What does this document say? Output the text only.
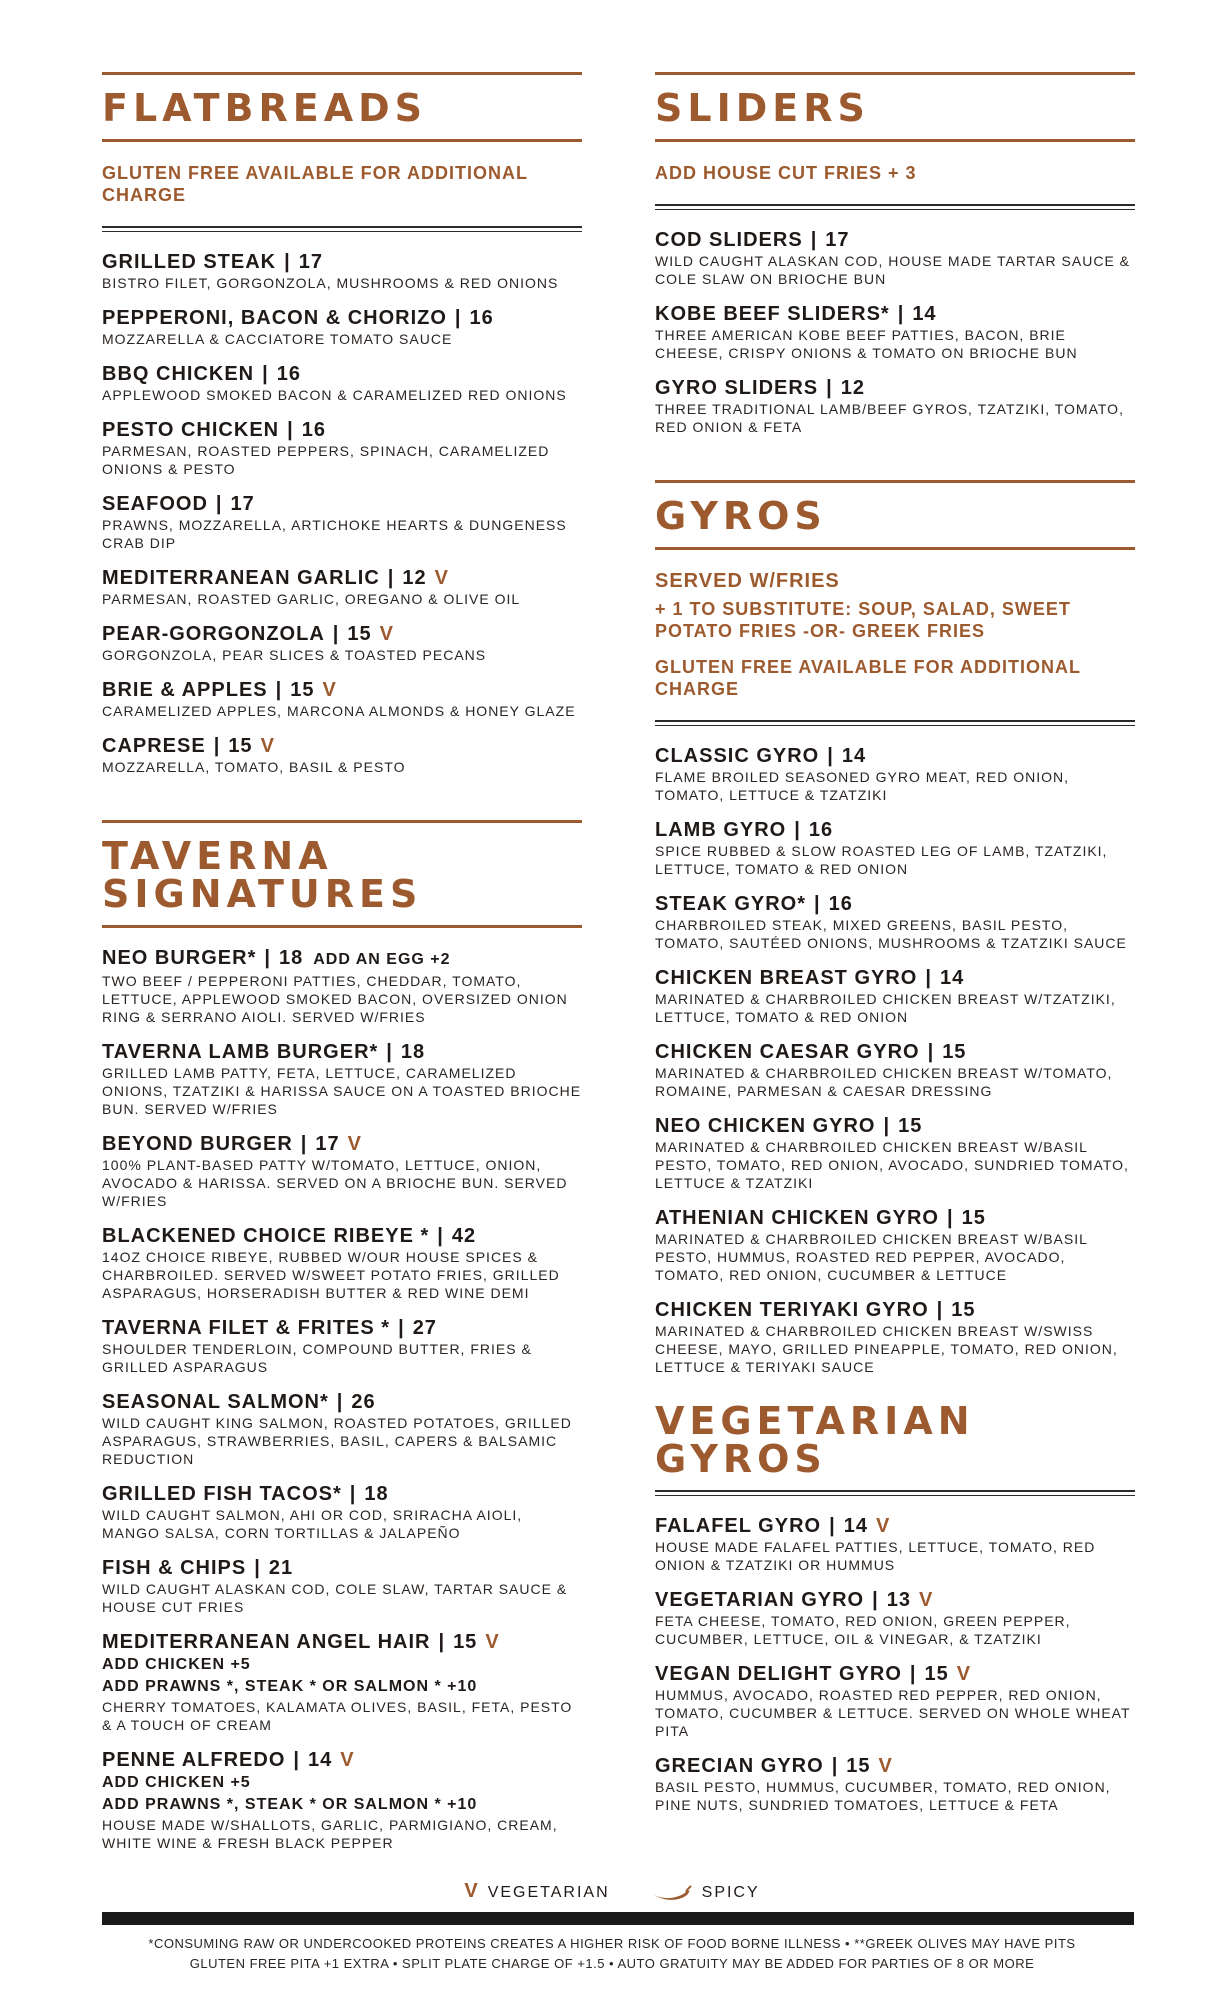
FLATBREADS
GLUTEN FREE AVAILABLE FOR ADDITIONAL CHARGE
GRILLED STEAK | 17
BISTRO FILET, GORGONZOLA, MUSHROOMS & RED ONIONS
PEPPERONI, BACON & CHORIZO | 16
MOZZARELLA & CACCIATORE TOMATO SAUCE
BBQ CHICKEN | 16
APPLEWOOD SMOKED BACON & CARAMELIZED RED ONIONS
PESTO CHICKEN | 16
PARMESAN, ROASTED PEPPERS, SPINACH, CARAMELIZED ONIONS & PESTO
SEAFOOD | 17
PRAWNS, MOZZARELLA, ARTICHOKE HEARTS & DUNGENESS CRAB DIP
MEDITERRANEAN GARLIC | 12 V
PARMESAN, ROASTED GARLIC, OREGANO & OLIVE OIL
PEAR-GORGONZOLA | 15 V
GORGONZOLA, PEAR SLICES & TOASTED PECANS
BRIE & APPLES | 15 V
CARAMELIZED APPLES, MARCONA ALMONDS & HONEY GLAZE
CAPRESE | 15 V
MOZZARELLA, TOMATO, BASIL & PESTO
TAVERNA SIGNATURES
NEO BURGER* | 18 ADD AN EGG +2
TWO BEEF / PEPPERONI PATTIES, CHEDDAR, TOMATO, LETTUCE, APPLEWOOD SMOKED BACON, OVERSIZED ONION RING & SERRANO AIOLI. SERVED W/FRIES
TAVERNA LAMB BURGER* | 18
GRILLED LAMB PATTY, FETA, LETTUCE, CARAMELIZED ONIONS, TZATZIKI & HARISSA SAUCE ON A TOASTED BRIOCHE BUN. SERVED W/FRIES
BEYOND BURGER | 17 V
100% PLANT-BASED PATTY W/TOMATO, LETTUCE, ONION, AVOCADO & HARISSA. SERVED ON A BRIOCHE BUN. SERVED W/FRIES
BLACKENED CHOICE RIBEYE * | 42
14OZ CHOICE RIBEYE, RUBBED W/OUR HOUSE SPICES & CHARBROILED. SERVED W/SWEET POTATO FRIES, GRILLED ASPARAGUS, HORSERADISH BUTTER & RED WINE DEMI
TAVERNA FILET & FRITES * | 27
SHOULDER TENDERLOIN, COMPOUND BUTTER, FRIES & GRILLED ASPARAGUS
SEASONAL SALMON* | 26
WILD CAUGHT KING SALMON, ROASTED POTATOES, GRILLED ASPARAGUS, STRAWBERRIES, BASIL, CAPERS & BALSAMIC REDUCTION
GRILLED FISH TACOS* | 18
WILD CAUGHT SALMON, AHI OR COD, SRIRACHA AIOLI, MANGO SALSA, CORN TORTILLAS & JALAPEÑO
FISH & CHIPS | 21
WILD CAUGHT ALASKAN COD, COLE SLAW, TARTAR SAUCE & HOUSE CUT FRIES
MEDITERRANEAN ANGEL HAIR | 15 V
ADD CHICKEN +5
ADD PRAWNS *, STEAK * OR SALMON * +10
CHERRY TOMATOES, KALAMATA OLIVES, BASIL, FETA, PESTO & A TOUCH OF CREAM
PENNE ALFREDO | 14 V
ADD CHICKEN +5
ADD PRAWNS *, STEAK * OR SALMON * +10
HOUSE MADE W/SHALLOTS, GARLIC, PARMIGIANO, CREAM, WHITE WINE & FRESH BLACK PEPPER
SLIDERS
ADD HOUSE CUT FRIES + 3
COD SLIDERS | 17
WILD CAUGHT ALASKAN COD, HOUSE MADE TARTAR SAUCE & COLE SLAW ON BRIOCHE BUN
KOBE BEEF SLIDERS* | 14
THREE AMERICAN KOBE BEEF PATTIES, BACON, BRIE CHEESE, CRISPY ONIONS & TOMATO ON BRIOCHE BUN
GYRO SLIDERS | 12
THREE TRADITIONAL LAMB/BEEF GYROS, TZATZIKI, TOMATO, RED ONION & FETA
GYROS
SERVED W/FRIES
+ 1 TO SUBSTITUTE: SOUP, SALAD, SWEET POTATO FRIES -OR- GREEK FRIES
GLUTEN FREE AVAILABLE FOR ADDITIONAL CHARGE
CLASSIC GYRO | 14
FLAME BROILED SEASONED GYRO MEAT, RED ONION, TOMATO, LETTUCE & TZATZIKI
LAMB GYRO | 16
SPICE RUBBED & SLOW ROASTED LEG OF LAMB, TZATZIKI, LETTUCE, TOMATO & RED ONION
STEAK GYRO* | 16
CHARBROILED STEAK, MIXED GREENS, BASIL PESTO, TOMATO, SAUTÉED ONIONS, MUSHROOMS & TZATZIKI SAUCE
CHICKEN BREAST GYRO | 14
MARINATED & CHARBROILED CHICKEN BREAST W/TZATZIKI, LETTUCE, TOMATO & RED ONION
CHICKEN CAESAR GYRO | 15
MARINATED & CHARBROILED CHICKEN BREAST W/TOMATO, ROMAINE, PARMESAN & CAESAR DRESSING
NEO CHICKEN GYRO | 15
MARINATED & CHARBROILED CHICKEN BREAST W/BASIL PESTO, TOMATO, RED ONION, AVOCADO, SUNDRIED TOMATO, LETTUCE & TZATZIKI
ATHENIAN CHICKEN GYRO | 15
MARINATED & CHARBROILED CHICKEN BREAST W/BASIL PESTO, HUMMUS, ROASTED RED PEPPER, AVOCADO, TOMATO, RED ONION, CUCUMBER & LETTUCE
CHICKEN TERIYAKI GYRO | 15
MARINATED & CHARBROILED CHICKEN BREAST W/SWISS CHEESE, MAYO, GRILLED PINEAPPLE, TOMATO, RED ONION, LETTUCE & TERIYAKI SAUCE
VEGETARIAN GYROS
FALAFEL GYRO | 14 V
HOUSE MADE FALAFEL PATTIES, LETTUCE, TOMATO, RED ONION & TZATZIKI OR HUMMUS
VEGETARIAN GYRO | 13 V
FETA CHEESE, TOMATO, RED ONION, GREEN PEPPER, CUCUMBER, LETTUCE, OIL & VINEGAR, & TZATZIKI
VEGAN DELIGHT GYRO | 15 V
HUMMUS, AVOCADO, ROASTED RED PEPPER, RED ONION, TOMATO, CUCUMBER & LETTUCE. SERVED ON WHOLE WHEAT PITA
GRECIAN GYRO | 15 V
BASIL PESTO, HUMMUS, CUCUMBER, TOMATO, RED ONION, PINE NUTS, SUNDRIED TOMATOES, LETTUCE & FETA
V VEGETARIAN	SPICY
*CONSUMING RAW OR UNDERCOOKED PROTEINS CREATES A HIGHER RISK OF FOOD BORNE ILLNESS • **GREEK OLIVES MAY HAVE PITS
GLUTEN FREE PITA +1 EXTRA • SPLIT PLATE CHARGE OF +1.5 • AUTO GRATUITY MAY BE ADDED FOR PARTIES OF 8 OR MORE
